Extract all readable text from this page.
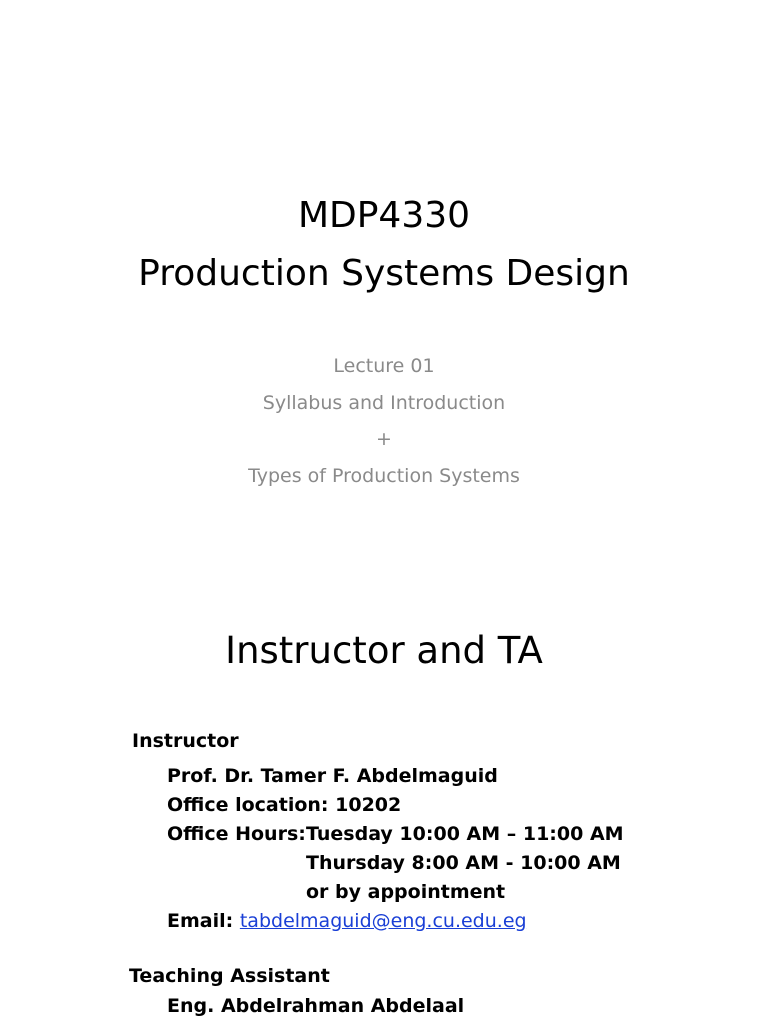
MDP4330
Production Systems Design
Lecture 01
Syllabus and Introduction
+
Types of Production Systems
Instructor and TA
Instructor
Prof. Dr. Tamer F. Abdelmaguid
Office location: 10202
Office Hours: Tuesday 10:00 AM – 11:00 AM
Thursday 8:00 AM - 10:00 AM
or by appointment
Email: tabdelmaguid@eng.cu.edu.eg
Teaching Assistant
Eng. Abdelrahman Abdelaal
